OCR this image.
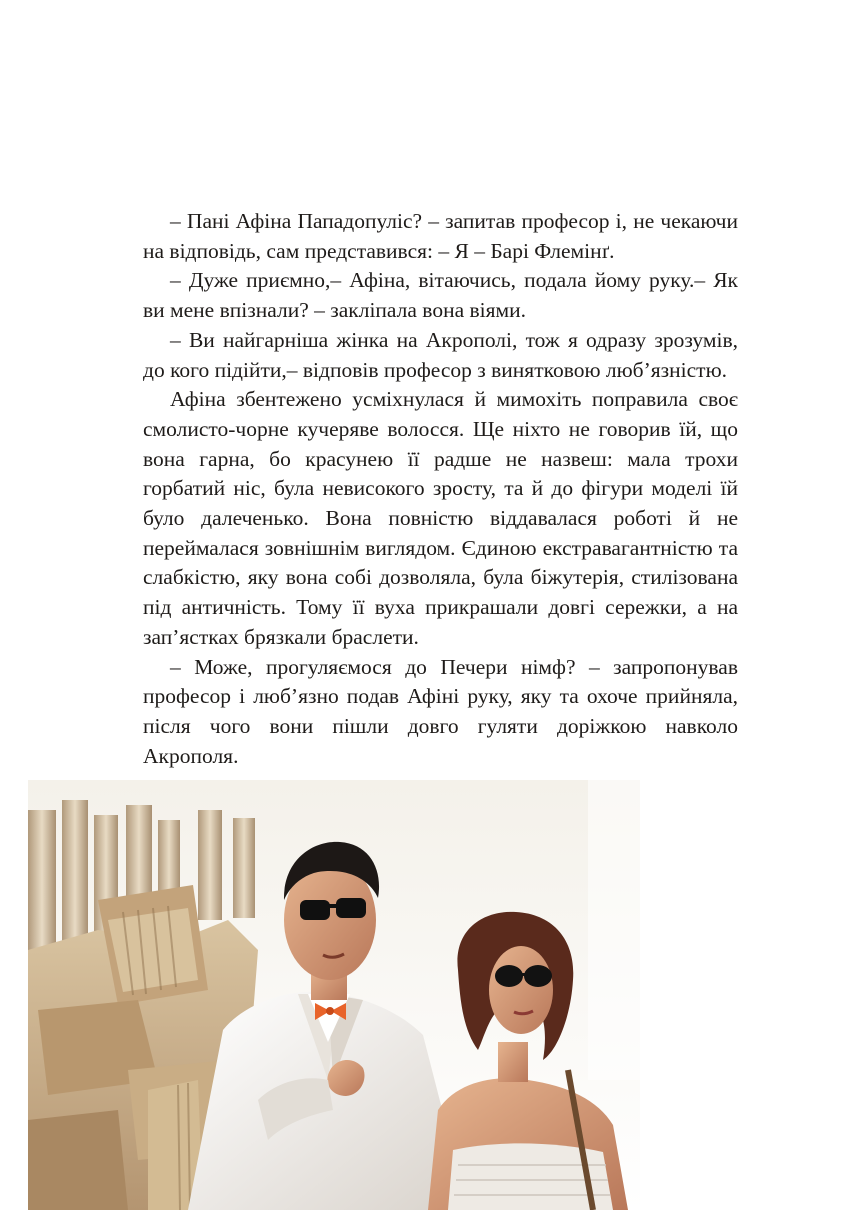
– Пані Афіна Пападопуліс? – запитав професор і, не чекаючи на відповідь, сам представився: – Я – Барі Флемінґ.

– Дуже приємно,– Афіна, вітаючись, подала йому руку.– Як ви мене впізнали? – закліпала вона віями.

– Ви найгарніша жінка на Акрополі, тож я одразу зрозумів, до кого підійти,– відповів професор з винятковою люб’язністю.

Афіна збентежено усміхнулася й мимохіть поправила своє смолисто-чорне кучеряве волосся. Ще ніхто не говорив їй, що вона гарна, бо красунею її радше не назвеш: мала трохи горбатий ніс, була невисокого зросту, та й до фігури моделі їй було далеченько. Вона повністю віддавалася роботі й не переймалася зовнішнім виглядом. Єдиною екстравагантністю та слабкістю, яку вона собі дозволяла, була біжутерія, стилізована під античність. Тому її вуха прикрашали довгі сережки, а на зап’ястках брязкали браслети.

– Може, прогуляємося до Печери німф? – запропонував професор і люб’язно подав Афіні руку, яку та охоче прийняла, після чого вони пішли довго гуляти доріжкою навколо Акрополя.
